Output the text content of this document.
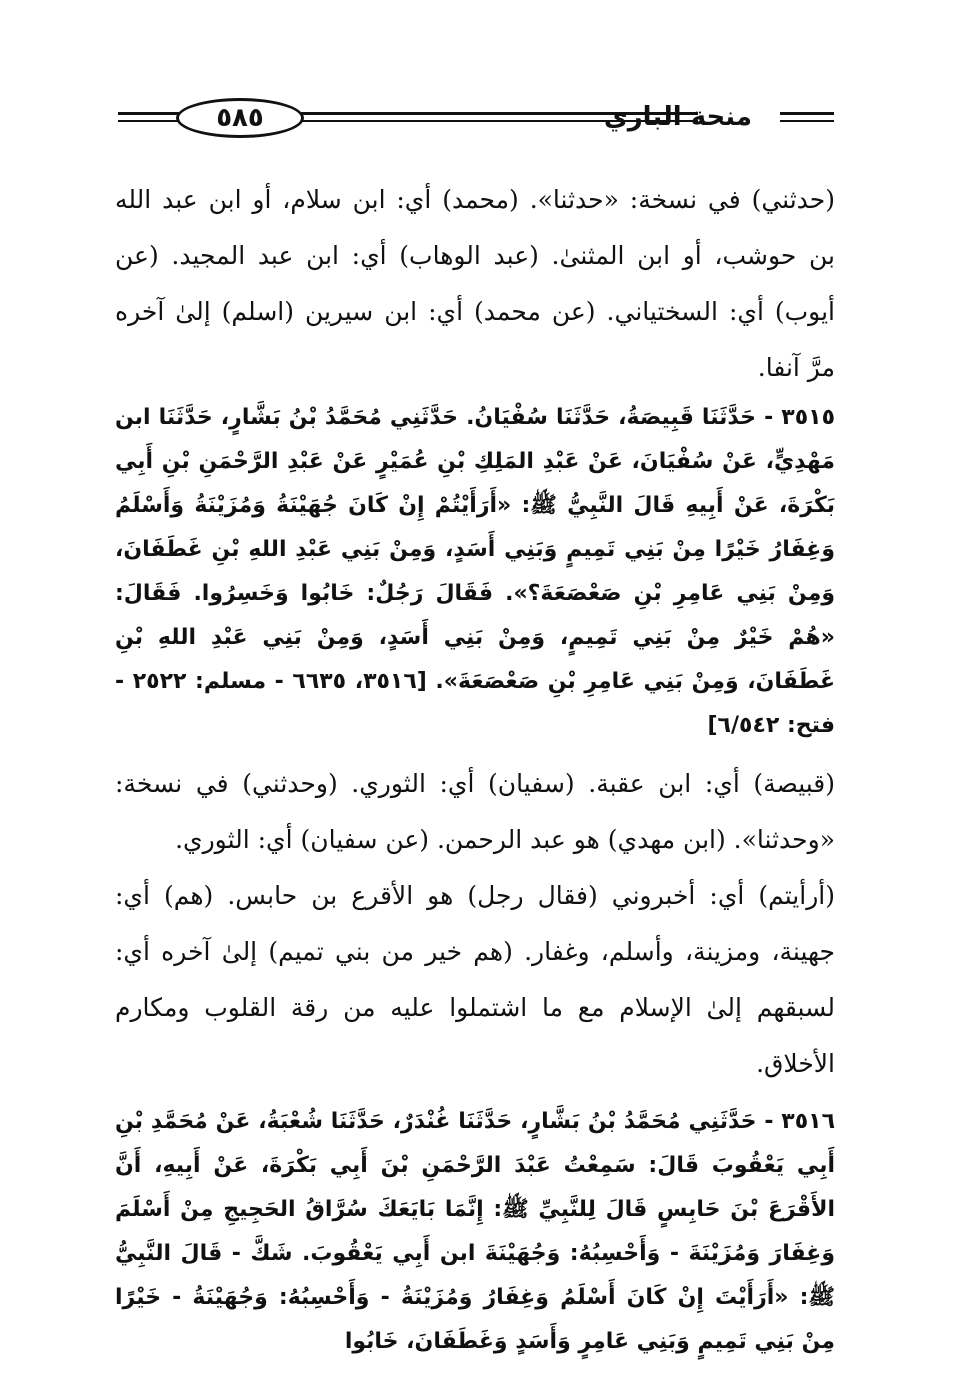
٥٨٥	منحة الباري

(حدثني) في نسخة: «حدثنا». (محمد) أي: ابن سلام، أو ابن عبد الله بن حوشب، أو ابن المثنىٰ. (عبد الوهاب) أي: ابن عبد المجيد. (عن أيوب) أي: السختياني. (عن محمد) أي: ابن سيرين (اسلم) إلىٰ آخره مرَّ آنفا.

٣٥١٥ - حَدَّثَنَا قَبِيصَةُ، حَدَّثَنَا سُفْيَانُ. حَدَّثَنِي مُحَمَّدُ بْنُ بَشَّارٍ، حَدَّثَنَا ابن مَهْدِيٍّ، عَنْ سُفْيَانَ، عَنْ عَبْدِ المَلِكِ بْنِ عُمَيْرٍ عَنْ عَبْدِ الرَّحْمَنِ بْنِ أَبِي بَكْرَةَ، عَنْ أَبِيهِ قَالَ النَّبِيُّ ﷺ: «أَرَأَيْتُمْ إِنْ كَانَ جُهَيْنَةُ وَمُزَيْنَةُ وَأَسْلَمُ وَغِفَارُ خَيْرًا مِنْ بَنِي تَمِيمٍ وَبَنِي أَسَدٍ، وَمِنْ بَنِي عَبْدِ اللهِ بْنِ غَطَفَانَ، وَمِنْ بَنِي عَامِرِ بْنِ صَعْصَعَةَ؟». فَقَالَ رَجُلٌ: خَابُوا وَخَسِرُوا. فَقَالَ: «هُمْ خَيْرٌ مِنْ بَنِي تَمِيمٍ، وَمِنْ بَنِي أَسَدٍ، وَمِنْ بَنِي عَبْدِ اللهِ بْنِ غَطَفَانَ، وَمِنْ بَنِي عَامِرِ بْنِ صَعْصَعَةَ». [٣٥١٦، ٦٦٣٥ - مسلم: ٢٥٢٢ - فتح: ٦/٥٤٢]

(قبيصة) أي: ابن عقبة. (سفيان) أي: الثوري. (وحدثني) في نسخة: «وحدثنا». (ابن مهدي) هو عبد الرحمن. (عن سفيان) أي: الثوري.

(أرأيتم) أي: أخبروني (فقال رجل) هو الأقرع بن حابس. (هم) أي: جهينة، ومزينة، وأسلم، وغفار. (هم خير من بني تميم) إلىٰ آخره أي: لسبقهم إلىٰ الإسلام مع ما اشتملوا عليه من رقة القلوب ومكارم الأخلاق.

٣٥١٦ - حَدَّثَنِي مُحَمَّدُ بْنُ بَشَّارٍ، حَدَّثَنَا غُنْدَرٌ، حَدَّثَنَا شُعْبَةُ، عَنْ مُحَمَّدِ بْنِ أَبِي يَعْقُوبَ قَالَ: سَمِعْتُ عَبْدَ الرَّحْمَنِ بْنَ أَبِي بَكْرَةَ، عَنْ أَبِيهِ، أَنَّ الأَقْرَعَ بْنَ حَابِسٍ قَالَ لِلنَّبِيِّ ﷺ: إِنَّمَا بَايَعَكَ سُرَّاقُ الحَجِيجِ مِنْ أَسْلَمَ وَغِفَارَ وَمُزَيْنَةَ - وَأَحْسِبُهُ: وَجُهَيْنَةَ ابن أَبِي يَعْقُوبَ. شَكَّ - قَالَ النَّبِيُّ ﷺ: «أَرَأَيْتَ إِنْ كَانَ أَسْلَمُ وَغِفَارُ وَمُزَيْنَةُ - وَأَحْسِبُهُ: وَجُهَيْنَةُ - خَيْرًا مِنْ بَنِي تَمِيمٍ وَبَنِي عَامِرٍ وَأَسَدٍ وَغَطَفَانَ، خَابُوا
